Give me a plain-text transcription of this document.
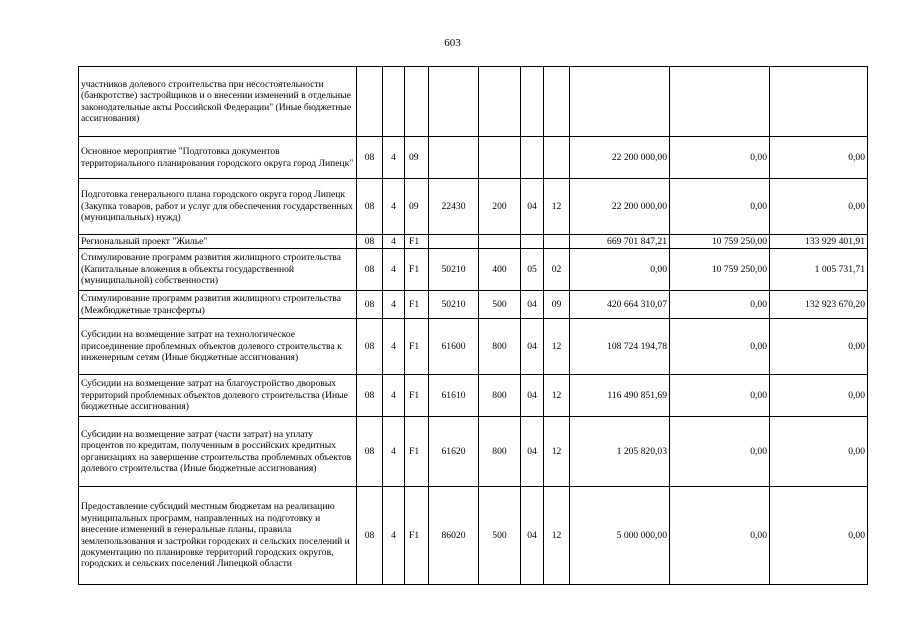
603
участников долевого строительства при несостоятельности (банкротстве) застройщиков и о внесении изменений в отдельные законодательные акты Российской Федерации" (Иные бюджетные ассигнования)										
Основное мероприятие "Подготовка документов территориального планирования городского округа город Липецк"	08	4	09					22 200 000,00	0,00	0,00
Подготовка генерального плана городского округа город Липецк (Закупка товаров, работ и услуг для обеспечения государственных (муниципальных) нужд)	08	4	09	22430	200	04	12	22 200 000,00	0,00	0,00
Региональный проект "Жилье"	08	4	F1					669 701 847,21	10 759 250,00	133 929 401,91
Стимулирование программ развития жилищного строительства (Капитальные вложения в объекты государственной (муниципальной) собственности)	08	4	F1	50210	400	05	02	0,00	10 759 250,00	1 005 731,71
Стимулирование программ развития жилищного строительства (Межбюджетные трансферты)	08	4	F1	50210	500	04	09	420 664 310,07	0,00	132 923 670,20
Субсидии на возмещение затрат на технологическое присоединение проблемных объектов долевого строительства к инженерным сетям (Иные бюджетные ассигнования)	08	4	F1	61600	800	04	12	108 724 194,78	0,00	0,00
Субсидии на возмещение затрат на благоустройство дворовых территорий проблемных объектов долевого строительства (Иные бюджетные ассигнования)	08	4	F1	61610	800	04	12	116 490 851,69	0,00	0,00
Субсидии на возмещение затрат (части затрат) на уплату процентов по кредитам, полученным в российских кредитных организациях на завершение строительства проблемных объектов долевого строительства (Иные бюджетные ассигнования)	08	4	F1	61620	800	04	12	1 205 820,03	0,00	0,00
Предоставление субсидий местным бюджетам на реализацию муниципальных программ, направленных на подготовку и внесение изменений в генеральные планы, правила землепользования и застройки городских и сельских поселений и документацию по планировке территорий городских округов, городских и сельских поселений Липецкой области	08	4	F1	86020	500	04	12	5 000 000,00	0,00	0,00
